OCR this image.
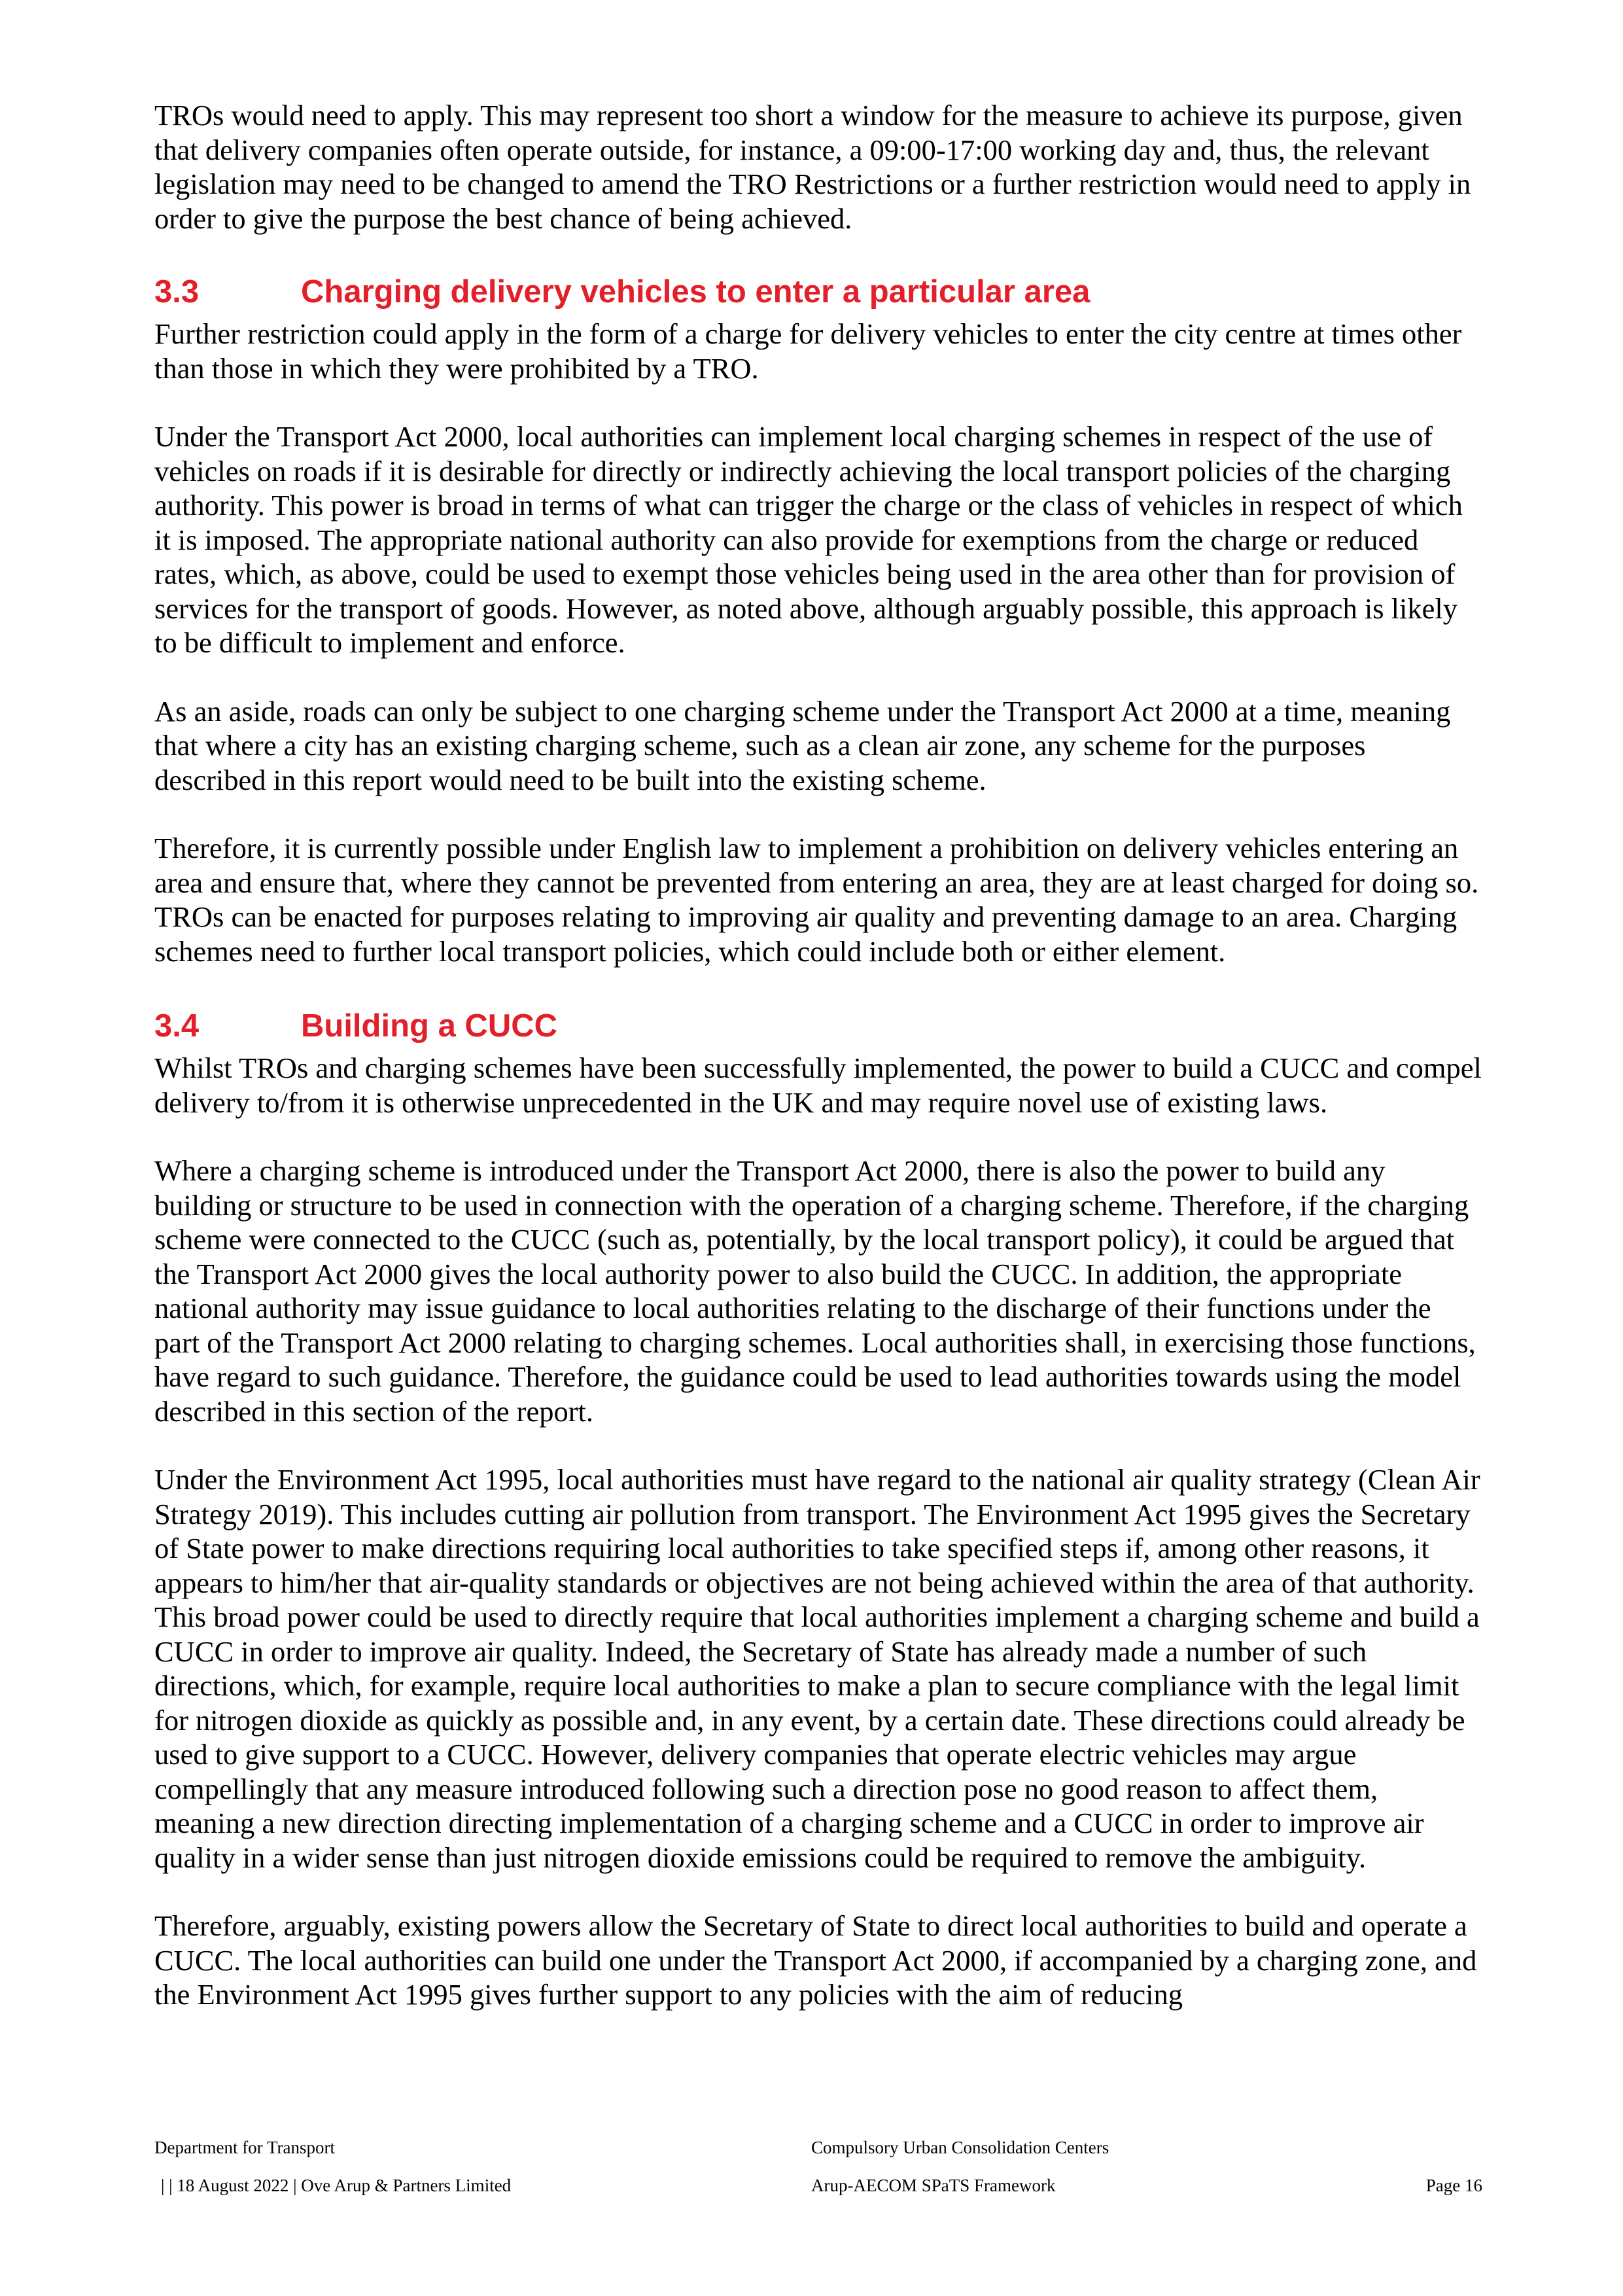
TROs would need to apply. This may represent too short a window for the measure to achieve its purpose, given that delivery companies often operate outside, for instance, a 09:00-17:00 working day and, thus, the relevant legislation may need to be changed to amend the TRO Restrictions or a further restriction would need to apply in order to give the purpose the best chance of being achieved.

3.3	Charging delivery vehicles to enter a particular area

Further restriction could apply in the form of a charge for delivery vehicles to enter the city centre at times other than those in which they were prohibited by a TRO.

Under the Transport Act 2000, local authorities can implement local charging schemes in respect of the use of vehicles on roads if it is desirable for directly or indirectly achieving the local transport policies of the charging authority. This power is broad in terms of what can trigger the charge or the class of vehicles in respect of which it is imposed. The appropriate national authority can also provide for exemptions from the charge or reduced rates, which, as above, could be used to exempt those vehicles being used in the area other than for provision of services for the transport of goods. However, as noted above, although arguably possible, this approach is likely to be difficult to implement and enforce.

As an aside, roads can only be subject to one charging scheme under the Transport Act 2000 at a time, meaning that where a city has an existing charging scheme, such as a clean air zone, any scheme for the purposes described in this report would need to be built into the existing scheme.

Therefore, it is currently possible under English law to implement a prohibition on delivery vehicles entering an area and ensure that, where they cannot be prevented from entering an area, they are at least charged for doing so. TROs can be enacted for purposes relating to improving air quality and preventing damage to an area. Charging schemes need to further local transport policies, which could include both or either element.

3.4	Building a CUCC

Whilst TROs and charging schemes have been successfully implemented, the power to build a CUCC and compel delivery to/from it is otherwise unprecedented in the UK and may require novel use of existing laws.

Where a charging scheme is introduced under the Transport Act 2000, there is also the power to build any building or structure to be used in connection with the operation of a charging scheme. Therefore, if the charging scheme were connected to the CUCC (such as, potentially, by the local transport policy), it could be argued that the Transport Act 2000 gives the local authority power to also build the CUCC. In addition, the appropriate national authority may issue guidance to local authorities relating to the discharge of their functions under the part of the Transport Act 2000 relating to charging schemes. Local authorities shall, in exercising those functions, have regard to such guidance. Therefore, the guidance could be used to lead authorities towards using the model described in this section of the report.

Under the Environment Act 1995, local authorities must have regard to the national air quality strategy (Clean Air Strategy 2019). This includes cutting air pollution from transport. The Environment Act 1995 gives the Secretary of State power to make directions requiring local authorities to take specified steps if, among other reasons, it appears to him/her that air-quality standards or objectives are not being achieved within the area of that authority. This broad power could be used to directly require that local authorities implement a charging scheme and build a CUCC in order to improve air quality. Indeed, the Secretary of State has already made a number of such directions, which, for example, require local authorities to make a plan to secure compliance with the legal limit for nitrogen dioxide as quickly as possible and, in any event, by a certain date. These directions could already be used to give support to a CUCC. However, delivery companies that operate electric vehicles may argue compellingly that any measure introduced following such a direction pose no good reason to affect them, meaning a new direction directing implementation of a charging scheme and a CUCC in order to improve air quality in a wider sense than just nitrogen dioxide emissions could be required to remove the ambiguity.

Therefore, arguably, existing powers allow the Secretary of State to direct local authorities to build and operate a CUCC. The local authorities can build one under the Transport Act 2000, if accompanied by a charging zone, and the Environment Act 1995 gives further support to any policies with the aim of reducing

Department for Transport	Compulsory Urban Consolidation Centers
| | 18 August 2022 | Ove Arup & Partners Limited	Arup-AECOM SPaTS Framework	Page 16
